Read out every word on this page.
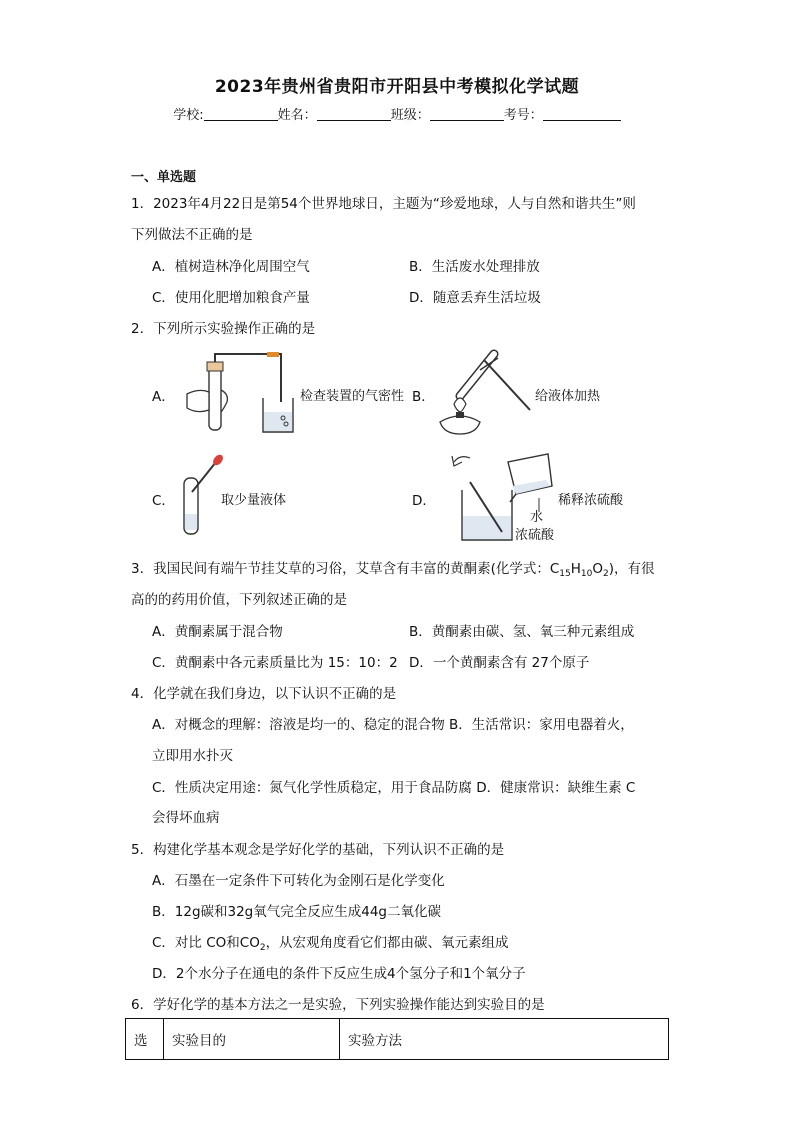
2023年贵州省贵阳市开阳县中考模拟化学试题
学校:	姓名：	班级：	考号：
一、单选题
1．2023年4月22日是第54个世界地球日，主题为“珍爱地球，人与自然和谐共生”则
下列做法不正确的是
A．植树造林净化周围空气	B．生活废水处理排放
C．使用化肥增加粮食产量	D．随意丢弃生活垃圾
2．下列所示实验操作正确的是
A．	检查装置的气密性 B．	给液体加热
C．	取少量液体	D．	稀释浓硫酸
水
浓硫酸
3．我国民间有端午节挂艾草的习俗，艾草含有丰富的黄酮素(化学式：$C_{15}H_{10}O_2$)，有很
高的的药用价值，下列叙述正确的是
A．黄酮素属于混合物	B．黄酮素由碳、氢、氧三种元素组成
C．黄酮素中各元素质量比为 15：10：2 D．一个黄酮素含有 27个原子
4．化学就在我们身边，以下认识不正确的是
A．对概念的理解：溶液是均一的、稳定的混合物 B．生活常识：家用电器着火，
立即用水扑灭
C．性质决定用途：氮气化学性质稳定，用于食品防腐 D．健康常识：缺维生素 C
会得坏血病
5．构建化学基本观念是学好化学的基础，下列认识不正确的是
A．石墨在一定条件下可转化为金刚石是化学变化
B．12g碳和32g氧气完全反应生成44g二氧化碳
C．对比 CO和$CO_2$，从宏观角度看它们都由碳、氧元素组成
D．2个水分子在通电的条件下反应生成4个氢分子和1个氧分子
6．学好化学的基本方法之一是实验，下列实验操作能达到实验目的是
选	实验目的	实验方法
